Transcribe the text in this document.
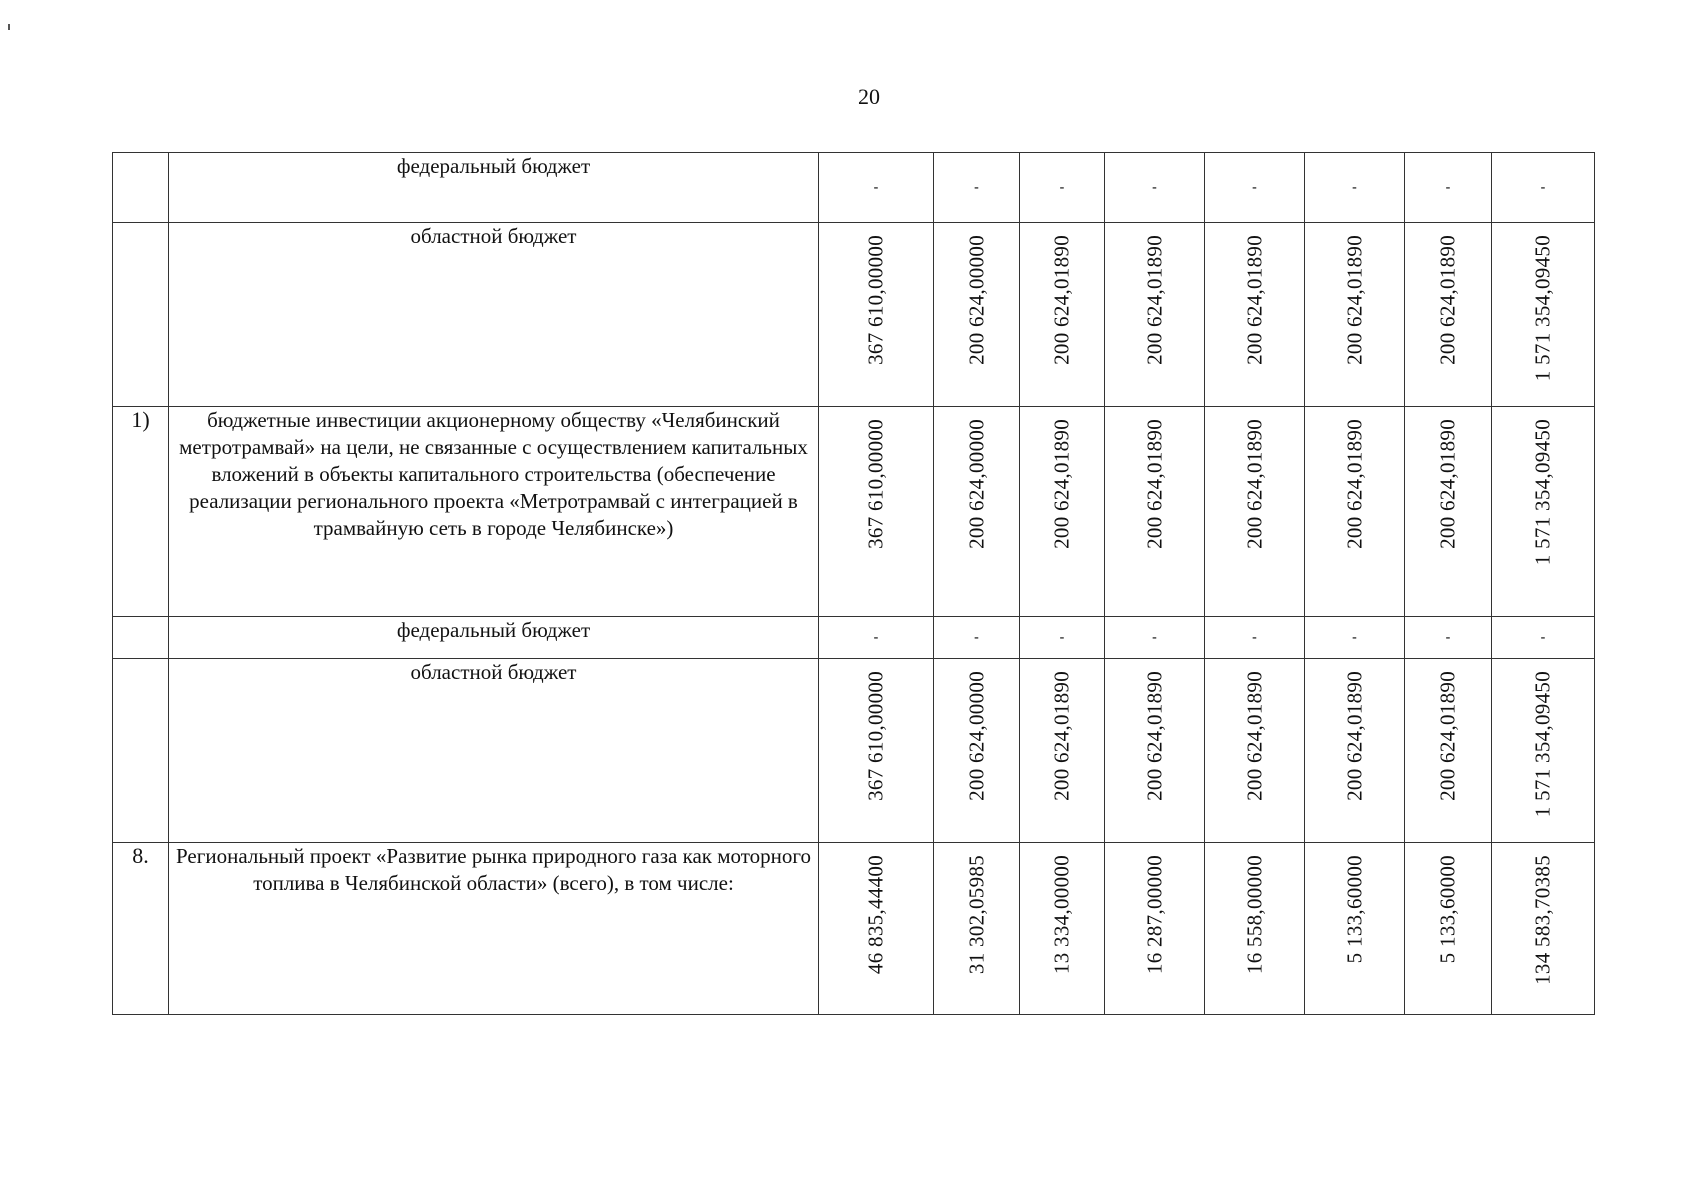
20
	федеральный бюджет	-	-	-	-	-	-	-	-

	областной бюджет	367 610,00000	200 624,00000	200 624,01890	200 624,01890	200 624,01890	200 624,01890	200 624,01890	1 571 354,09450

1)	бюджетные инвестиции акционерному обществу «Челябинский метротрамвай» на цели, не связанные с осуществлением капитальных вложений в объекты капитального строительства (обеспечение реализации регионального проекта «Метротрамвай с интеграцией в трамвайную сеть в городе Челябинске»)	367 610,00000	200 624,00000	200 624,01890	200 624,01890	200 624,01890	200 624,01890	200 624,01890	1 571 354,09450

	федеральный бюджет	-	-	-	-	-	-	-	-

	областной бюджет	367 610,00000	200 624,00000	200 624,01890	200 624,01890	200 624,01890	200 624,01890	200 624,01890	1 571 354,09450

8.	Региональный проект «Развитие рынка природного газа как моторного топлива в Челябинской области» (всего), в том числе:	46 835,44400	31 302,05985	13 334,00000	16 287,00000	16 558,00000	5 133,60000	5 133,60000	134 583,70385
